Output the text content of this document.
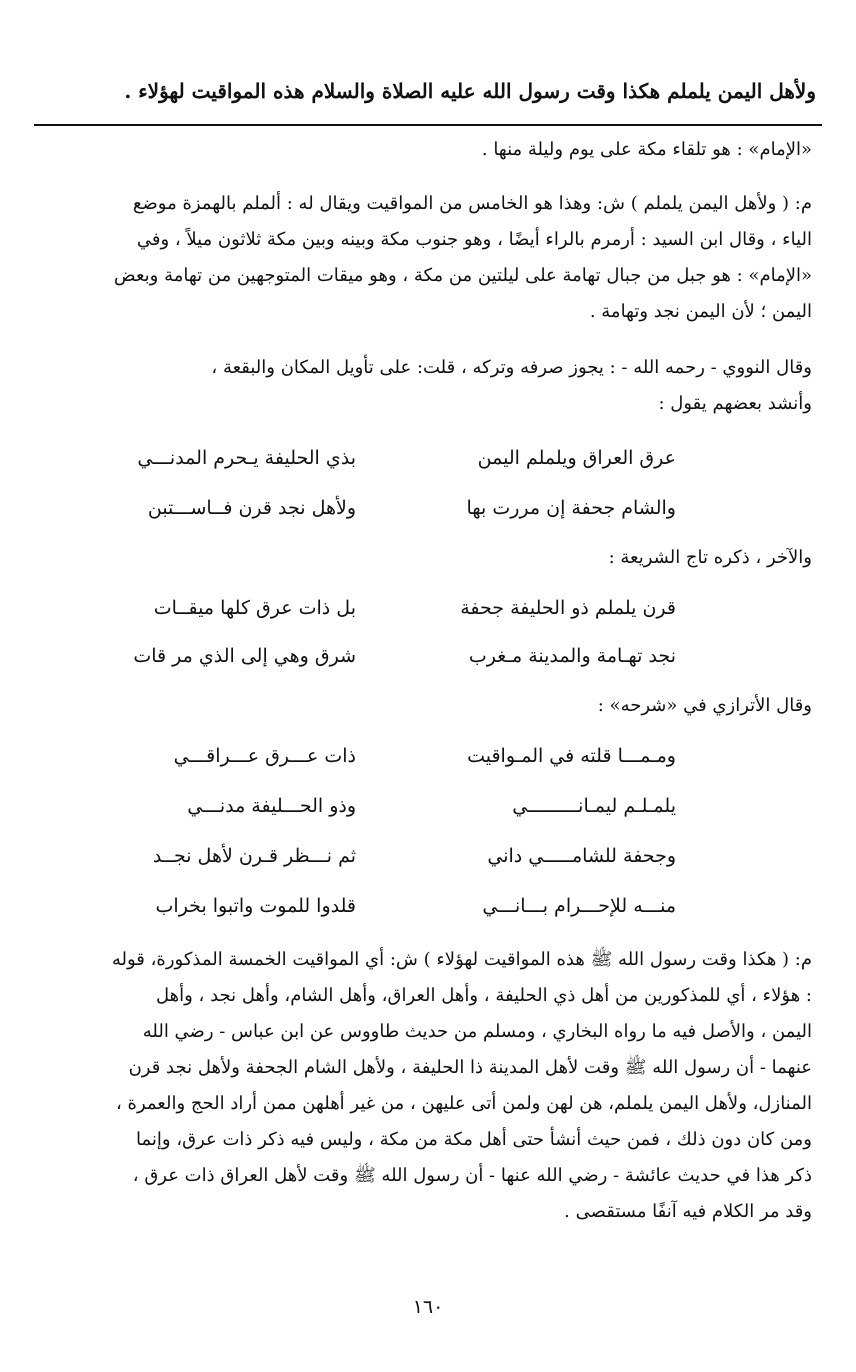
ولأهل اليمن يلملم هكذا وقت رسول الله عليه الصلاة والسلام هذه المواقيت لهؤلاء .
«الإمام» : هو تلقاء مكة على يوم وليلة منها .
م: ( ولأهل اليمن يلملم ) ش: وهذا هو الخامس من المواقيت ويقال له : ألملم بالهمزة موضع
الياء ، وقال ابن السيد : أرمرم بالراء أيضًا ، وهو جنوب مكة وبينه وبين مكة ثلاثون ميلاً ، وفي
«الإمام» : هو جبل من جبال تهامة على ليلتين من مكة ، وهو ميقات المتوجهين من تهامة وبعض
اليمن ؛ لأن اليمن نجد وتهامة .
وقال النووي - رحمه الله - : يجوز صرفه وتركه ، قلت: على تأويل المكان والبقعة ،
وأنشد بعضهم يقول :
عرق العراق ويلملم اليمن
بذي الحليفة يـحرم المدنـــي
والشام جحفة إن مررت بها
ولأهل نجد قرن فــاســـتبن
والآخر ، ذكره تاج الشريعة :
قرن يلملم ذو الحليفة جحفة
بل ذات عرق كلها ميقــات
نجد تهـامة والمدينة مـغرب
شرق وهي إلى الذي مر قات
وقال الأترازي في «شرحه» :
ومـمـــا قلته في المـواقيت
ذات عـــرق عـــراقـــي
يلمـلـم ليمـانـــــــــي
وذو الحـــليفة مدنـــي
وجحفة للشامـــــي داني
ثم نـــظر قـرن لأهل نجــد
منـــه للإحـــرام بـــانـــي
قلدوا للموت واتبوا بخراب
م: ( هكذا وقت رسول الله ﷺ هذه المواقيت لهؤلاء ) ش: أي المواقيت الخمسة المذكورة، قوله
: هؤلاء ، أي للمذكورين من أهل ذي الحليفة ، وأهل العراق، وأهل الشام، وأهل نجد ، وأهل
اليمن ، والأصل فيه ما رواه البخاري ، ومسلم من حديث طاووس عن ابن عباس - رضي الله
عنهما - أن رسول الله ﷺ وقت لأهل المدينة ذا الحليفة ، ولأهل الشام الجحفة ولأهل نجد قرن
المنازل، ولأهل اليمن يلملم، هن لهن ولمن أتى عليهن ، من غير أهلهن ممن أراد الحج والعمرة ،
ومن كان دون ذلك ، فمن حيث أنشأ حتى أهل مكة من مكة ، وليس فيه ذكر ذات عرق، وإنما
ذكر هذا في حديث عائشة - رضي الله عنها - أن رسول الله ﷺ وقت لأهل العراق ذات عرق ،
وقد مر الكلام فيه آنفًا مستقصى .
١٦٠
